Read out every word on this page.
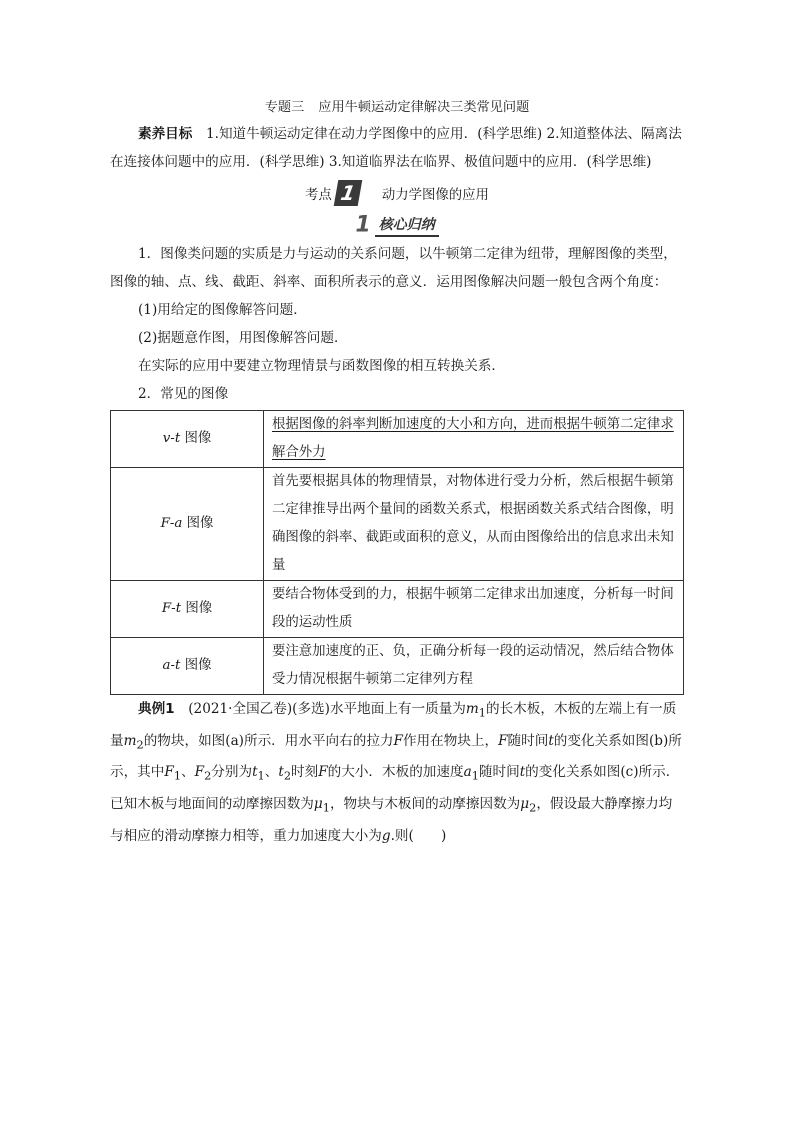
专题三 应用牛顿运动定律解决三类常见问题

素养目标　 1.知道牛顿运动定律在动力学图像中的应用．(科学思维) 2.知道整体法、隔离法在连接体问题中的应用．(科学思维) 3.知道临界法在临界、极值问题中的应用．(科学思维)

考点 1 动力学图像的应用
1 核心归纳

1．图像类问题的实质是力与运动的关系问题，以牛顿第二定律为纽带，理解图像的类型，图像的轴、点、线、截距、斜率、面积所表示的意义．运用图像解决问题一般包含两个角度：

(1)用给定的图像解答问题．

(2)据题意作图，用图像解答问题．

在实际的应用中要建立物理情景与函数图像的相互转换关系．

2．常见的图像

v-t 图像	根据图像的斜率判断加速度的大小和方向，进而根据牛顿第二定律求解合外力
F-a 图像	首先要根据具体的物理情景，对物体进行受力分析，然后根据牛顿第二定律推导出两个量间的函数关系式，根据函数关系式结合图像，明确图像的斜率、截距或面积的意义，从而由图像给出的信息求出未知量
F-t 图像	要结合物体受到的力，根据牛顿第二定律求出加速度，分析每一时间段的运动性质
a-t 图像	要注意加速度的正、负，正确分析每一段的运动情况，然后结合物体受力情况根据牛顿第二定律列方程

典例1　 (2021·全国乙卷)(多选)水平地面上有一质量为$m_1$的长木板，木板的左端上有一质量$m_2$的物块，如图(a)所示．用水平向右的拉力F作用在物块上，F随时间t的变化关系如图(b)所示，其中$F_1$、$F_2$分别为$t_1$、$t_2$时刻F的大小．木板的加速度$a_1$随时间t的变化关系如图(c)所示．已知木板与地面间的动摩擦因数为$\mu_1$，物块与木板间的动摩擦因数为$\mu_2$，假设最大静摩擦力均与相应的滑动摩擦力相等，重力加速度大小为g.则(　　)
